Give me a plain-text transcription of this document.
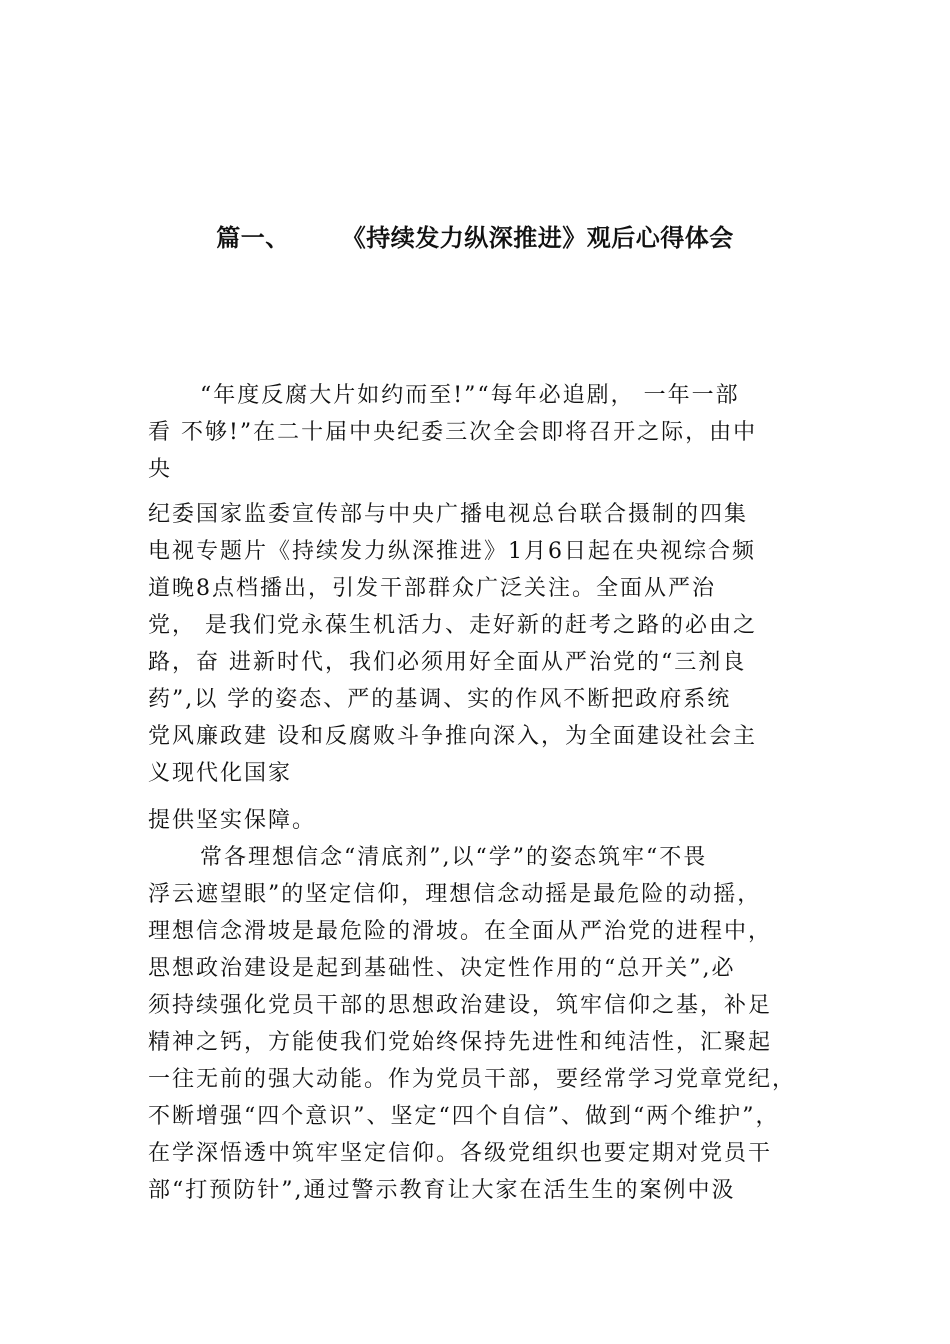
篇一、 《持续发力纵深推进》观后心得体会
“年度反腐大片如约而至!”“每年必追剧， 一年一部
看 不够!”在二十届中央纪委三次全会即将召开之际，由中
央
纪委国家监委宣传部与中央广播电视总台联合摄制的四集
电视专题片《持续发力纵深推进》1月6日起在央视综合频
道晚8点档播出，引发干部群众广泛关注。全面从严治
党， 是我们党永葆生机活力、走好新的赶考之路的必由之
路，奋 进新时代，我们必须用好全面从严治党的“三剂良
药”,以 学的姿态、严的基调、实的作风不断把政府系统
党风廉政建 设和反腐败斗争推向深入，为全面建设社会主
义现代化国家
提供坚实保障。
常各理想信念“清底剂”,以“学”的姿态筑牢“不畏
浮云遮望眼”的坚定信仰，理想信念动摇是最危险的动摇，
理想信念滑坡是最危险的滑坡。在全面从严治党的进程中，
思想政治建设是起到基础性、决定性作用的“总开关”,必
须持续强化党员干部的思想政治建设，筑牢信仰之基，补足
精神之钙，方能使我们党始终保持先进性和纯洁性，汇聚起
一往无前的强大动能。作为党员干部，要经常学习党章党纪，
不断增强“四个意识”、坚定“四个自信”、做到“两个维护”，
在学深悟透中筑牢坚定信仰。各级党组织也要定期对党员干
部“打预防针”,通过警示教育让大家在活生生的案例中汲
